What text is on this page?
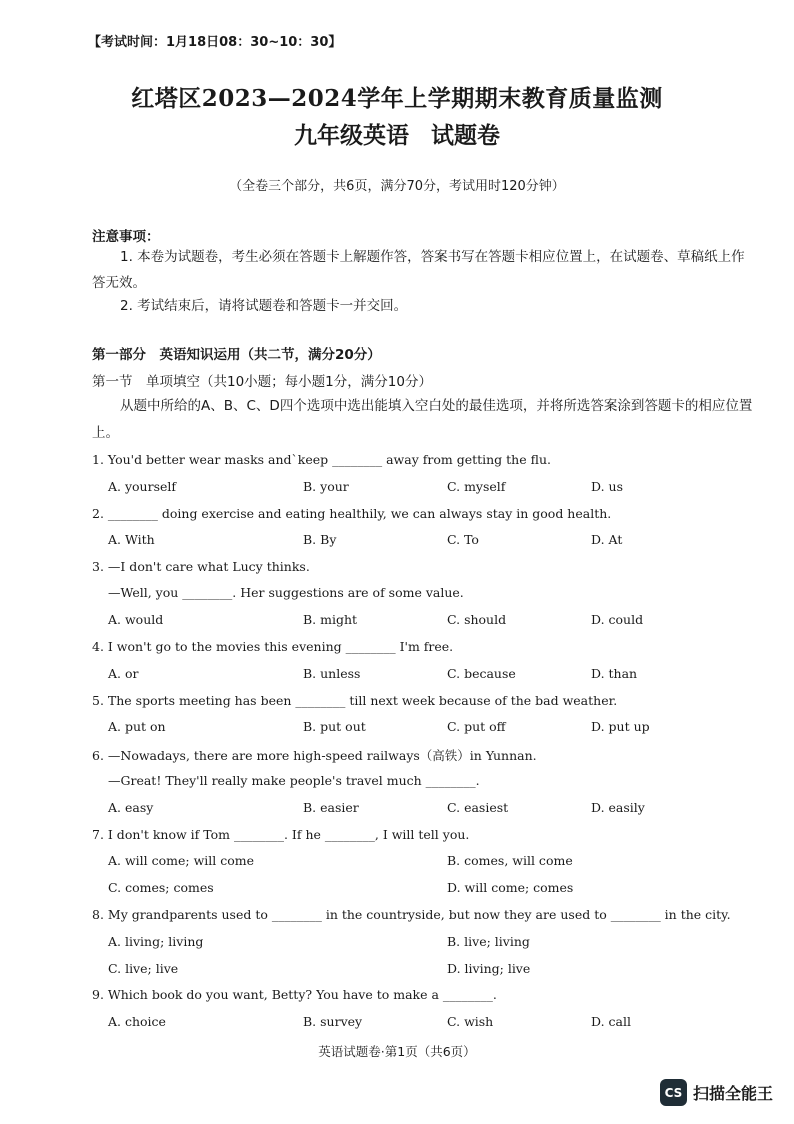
【考试时间：1月18日08：30~10：30】
红塔区2023—2024学年上学期期末教育质量监测
九年级英语 试题卷
（全卷三个部分，共6页，满分70分，考试用时120分钟）
注意事项：
1. 本卷为试题卷，考生必须在答题卡上解题作答，答案书写在答题卡相应位置上，在试题卷、草稿纸上作答无效。
2. 考试结束后，请将试题卷和答题卡一并交回。
第一部分　英语知识运用（共二节，满分20分）
第一节　单项填空（共10小题；每小题1分，满分10分）
从题中所给的A、B、C、D四个选项中选出能填入空白处的最佳选项，并将所选答案涂到答题卡的相应位置上。
1. You'd better wear masks and`keep ________ away from getting the flu.
A. yourself	B. your	C. myself	D. us
2. ________ doing exercise and eating healthily, we can always stay in good health.
A. With	B. By	C. To	D. At
3. —I don't care what Lucy thinks.
—Well, you ________. Her suggestions are of some value.
A. would	B. might	C. should	D. could
4. I won't go to the movies this evening ________ I'm free.
A. or	B. unless	C. because	D. than
5. The sports meeting has been ________ till next week because of the bad weather.
A. put on	B. put out	C. put off	D. put up
6. —Nowadays, there are more high-speed railways（高铁）in Yunnan.
—Great! They'll really make people's travel much ________.
A. easy	B. easier	C. easiest	D. easily
7. I don't know if Tom ________. If he ________, I will tell you.
A. will come; will come	B. comes, will come
C. comes; comes	D. will come; comes
8. My grandparents used to ________ in the countryside, but now they are used to ________ in the city.
A. living; living	B. live; living
C. live; live	D. living; live
9. Which book do you want, Betty? You have to make a ________.
A. choice	B. survey	C. wish	D. call
英语试题卷·第1页（共6页）
CS 扫描全能王
